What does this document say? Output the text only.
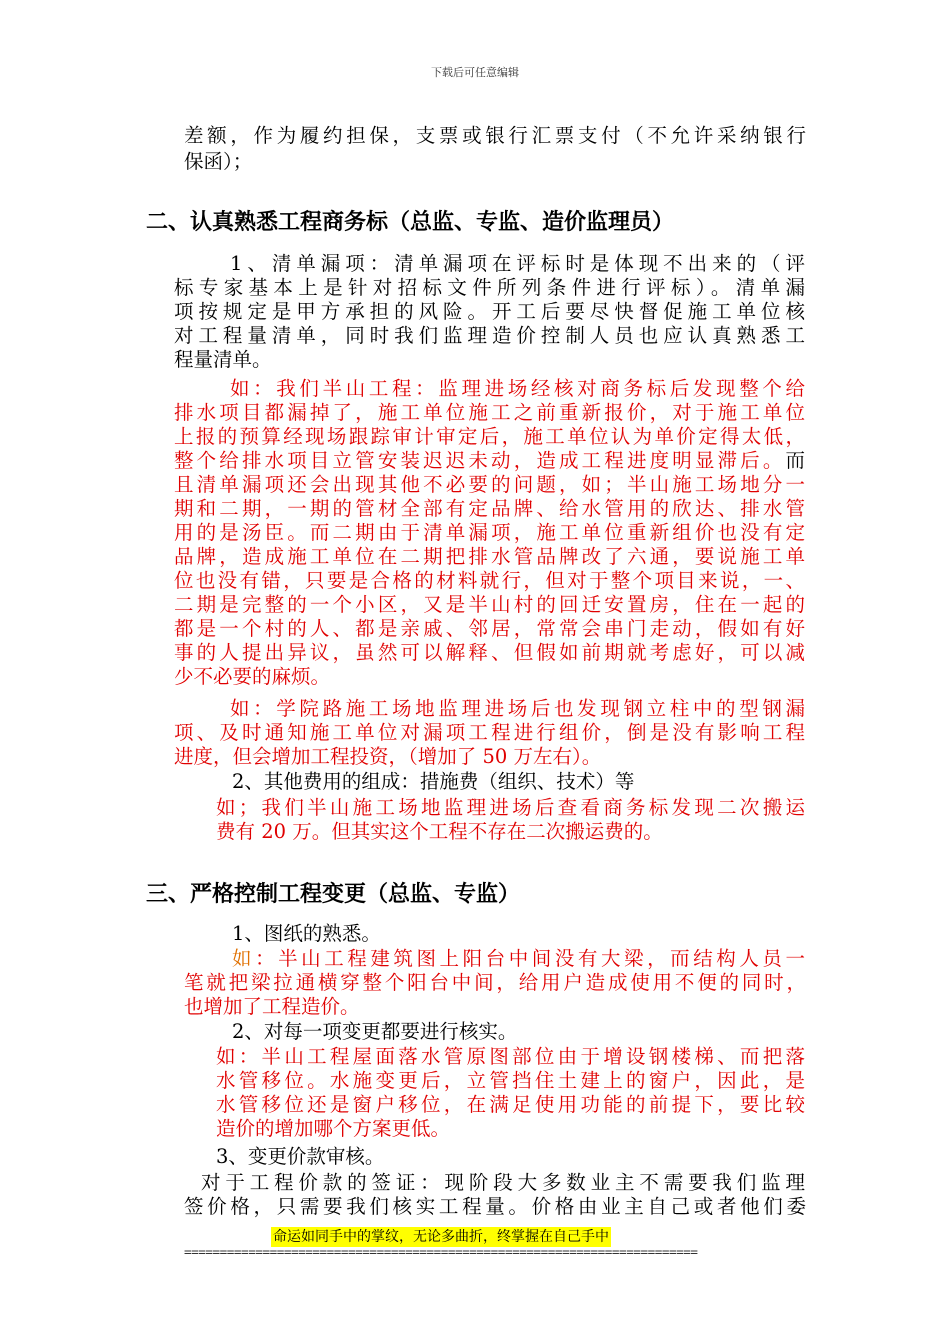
下载后可任意编辑
差额，作为履约担保，支票或银行汇票支付（不允许采纳银行
保函）；
二、认真熟悉工程商务标（总监、专监、造价监理员）
1、清单漏项：清单漏项在评标时是体现不出来的（评
标专家基本上是针对招标文件所列条件进行评标）。清单漏
项按规定是甲方承担的风险。开工后要尽快督促施工单位核
对工程量清单，同时我们监理造价控制人员也应认真熟悉工
程量清单。
如：我们半山工程：监理进场经核对商务标后发现整个给
排水项目都漏掉了，施工单位施工之前重新报价，对于施工单位
上报的预算经现场跟踪审计审定后，施工单位认为单价定得太低，
整个给排水项目立管安装迟迟未动，造成工程进度明显滞后。而
且清单漏项还会出现其他不必要的问题，如；半山施工场地分一
期和二期，一期的管材全部有定品牌、给水管用的欣达、排水管
用的是汤臣。而二期由于清单漏项，施工单位重新组价也没有定
品牌，造成施工单位在二期把排水管品牌改了六通，要说施工单
位也没有错，只要是合格的材料就行，但对于整个项目来说，一、
二期是完整的一个小区，又是半山村的回迁安置房，住在一起的
都是一个村的人、都是亲戚、邻居，常常会串门走动，假如有好
事的人提出异议，虽然可以解释、但假如前期就考虑好，可以减
少不必要的麻烦。
如：学院路施工场地监理进场后也发现钢立柱中的型钢漏
项、及时通知施工单位对漏项工程进行组价，倒是没有影响工程
进度，但会增加工程投资，（增加了 50 万左右）。
2、其他费用的组成：措施费（组织、技术）等
如；我们半山施工场地监理进场后查看商务标发现二次搬运
费有 20 万。但其实这个工程不存在二次搬运费的。
三、严格控制工程变更（总监、专监）
1、图纸的熟悉。
如：半山工程建筑图上阳台中间没有大梁，而结构人员一
笔就把梁拉通横穿整个阳台中间，给用户造成使用不便的同时，
也增加了工程造价。
2、对每一项变更都要进行核实。
如：半山工程屋面落水管原图部位由于增设钢楼梯、而把落
水管移位。水施变更后，立管挡住土建上的窗户，因此，是
水管移位还是窗户移位，在满足使用功能的前提下，要比较
造价的增加哪个方案更低。
3、变更价款审核。
对于工程价款的签证：现阶段大多数业主不需要我们监理
签价格，只需要我们核实工程量。价格由业主自己或者他们委
命运如同手中的掌纹，无论多曲折，终掌握在自己手中
========================================================================
